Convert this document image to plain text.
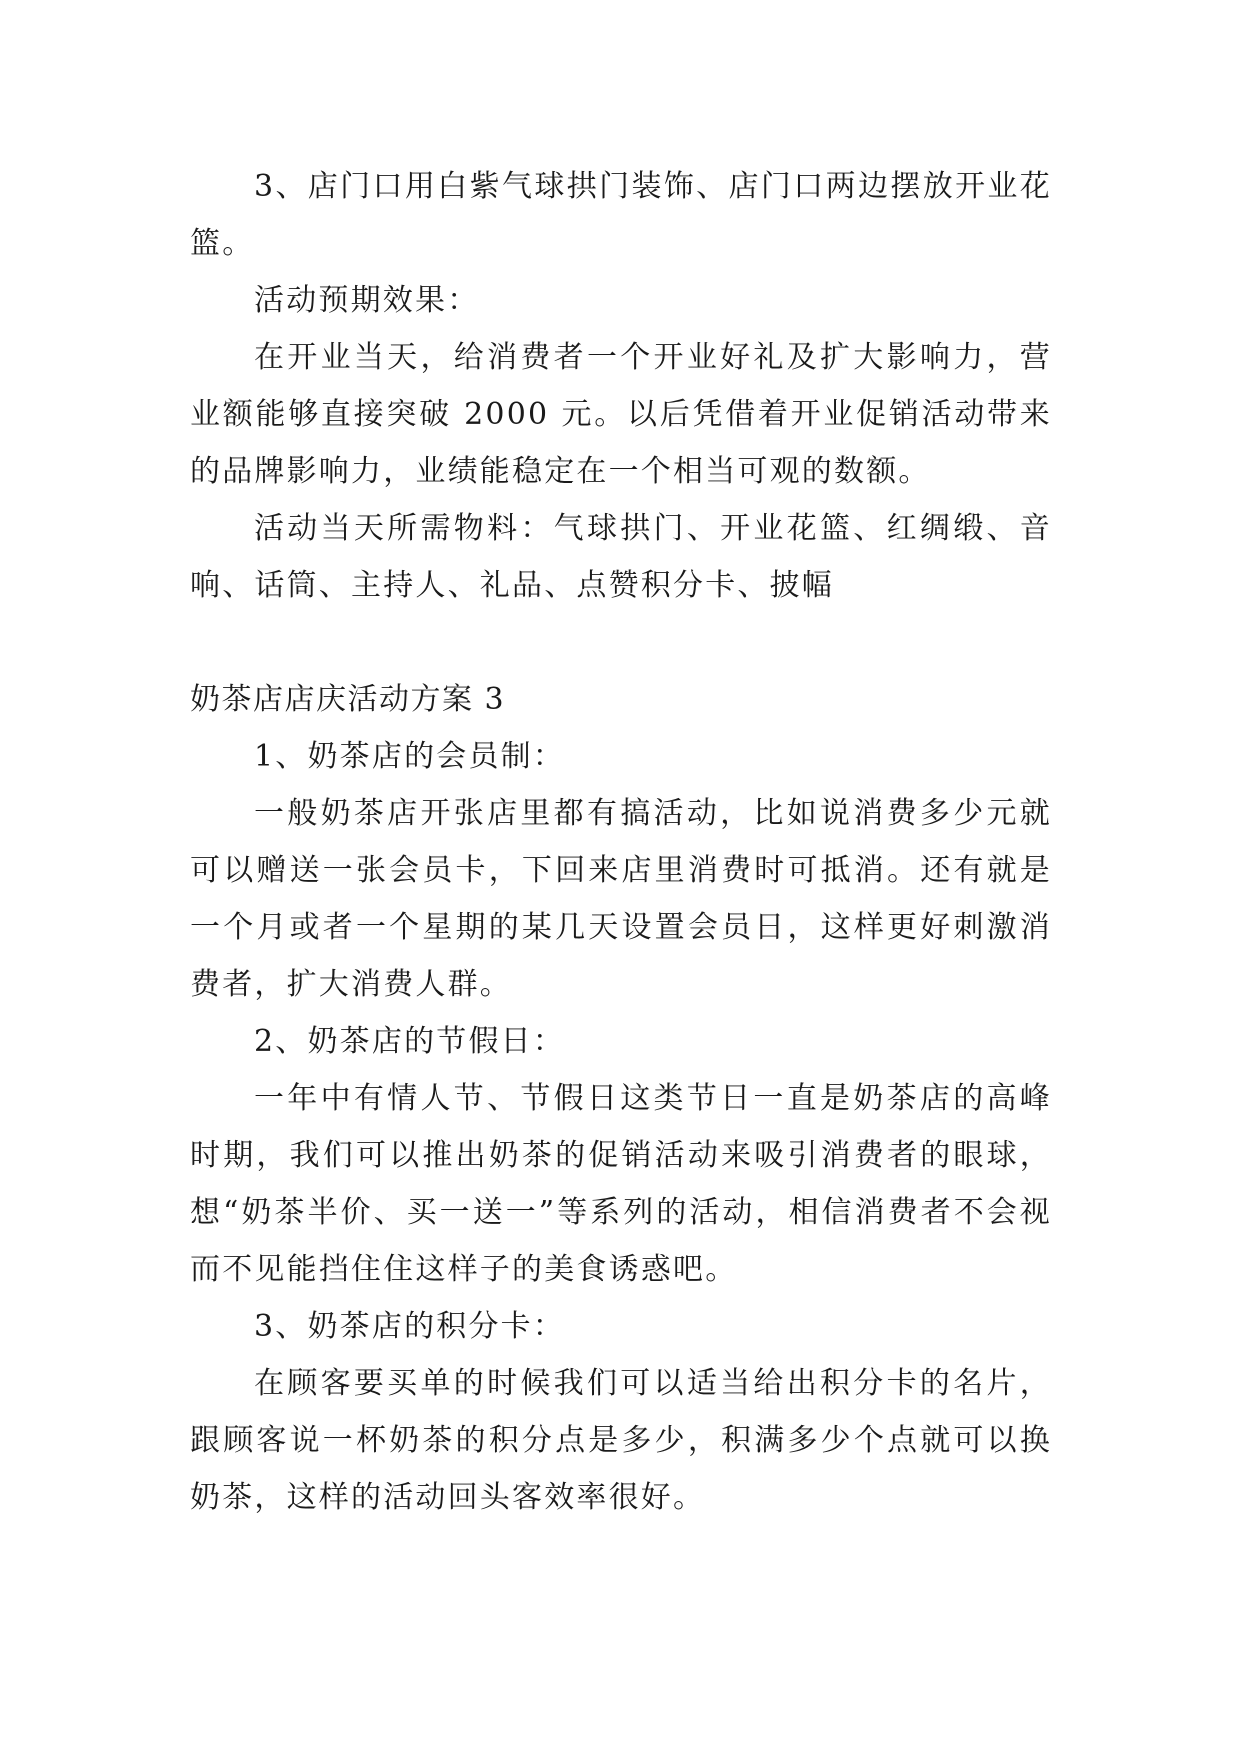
3、店门口用白紫气球拱门装饰、店门口两边摆放开业花篮。

活动预期效果：

在开业当天，给消费者一个开业好礼及扩大影响力，营业额能够直接突破 2000 元。以后凭借着开业促销活动带来的品牌影响力，业绩能稳定在一个相当可观的数额。

活动当天所需物料：气球拱门、开业花篮、红绸缎、音响、话筒、主持人、礼品、点赞积分卡、披幅

奶茶店店庆活动方案 3

1、奶茶店的会员制：

一般奶茶店开张店里都有搞活动，比如说消费多少元就可以赠送一张会员卡，下回来店里消费时可抵消。还有就是一个月或者一个星期的某几天设置会员日，这样更好刺激消费者，扩大消费人群。

2、奶茶店的节假日：

一年中有情人节、节假日这类节日一直是奶茶店的高峰时期，我们可以推出奶茶的促销活动来吸引消费者的眼球，想“奶茶半价、买一送一”等系列的活动，相信消费者不会视而不见能挡住住这样子的美食诱惑吧。

3、奶茶店的积分卡：

在顾客要买单的时候我们可以适当给出积分卡的名片，跟顾客说一杯奶茶的积分点是多少，积满多少个点就可以换奶茶，这样的活动回头客效率很好。
